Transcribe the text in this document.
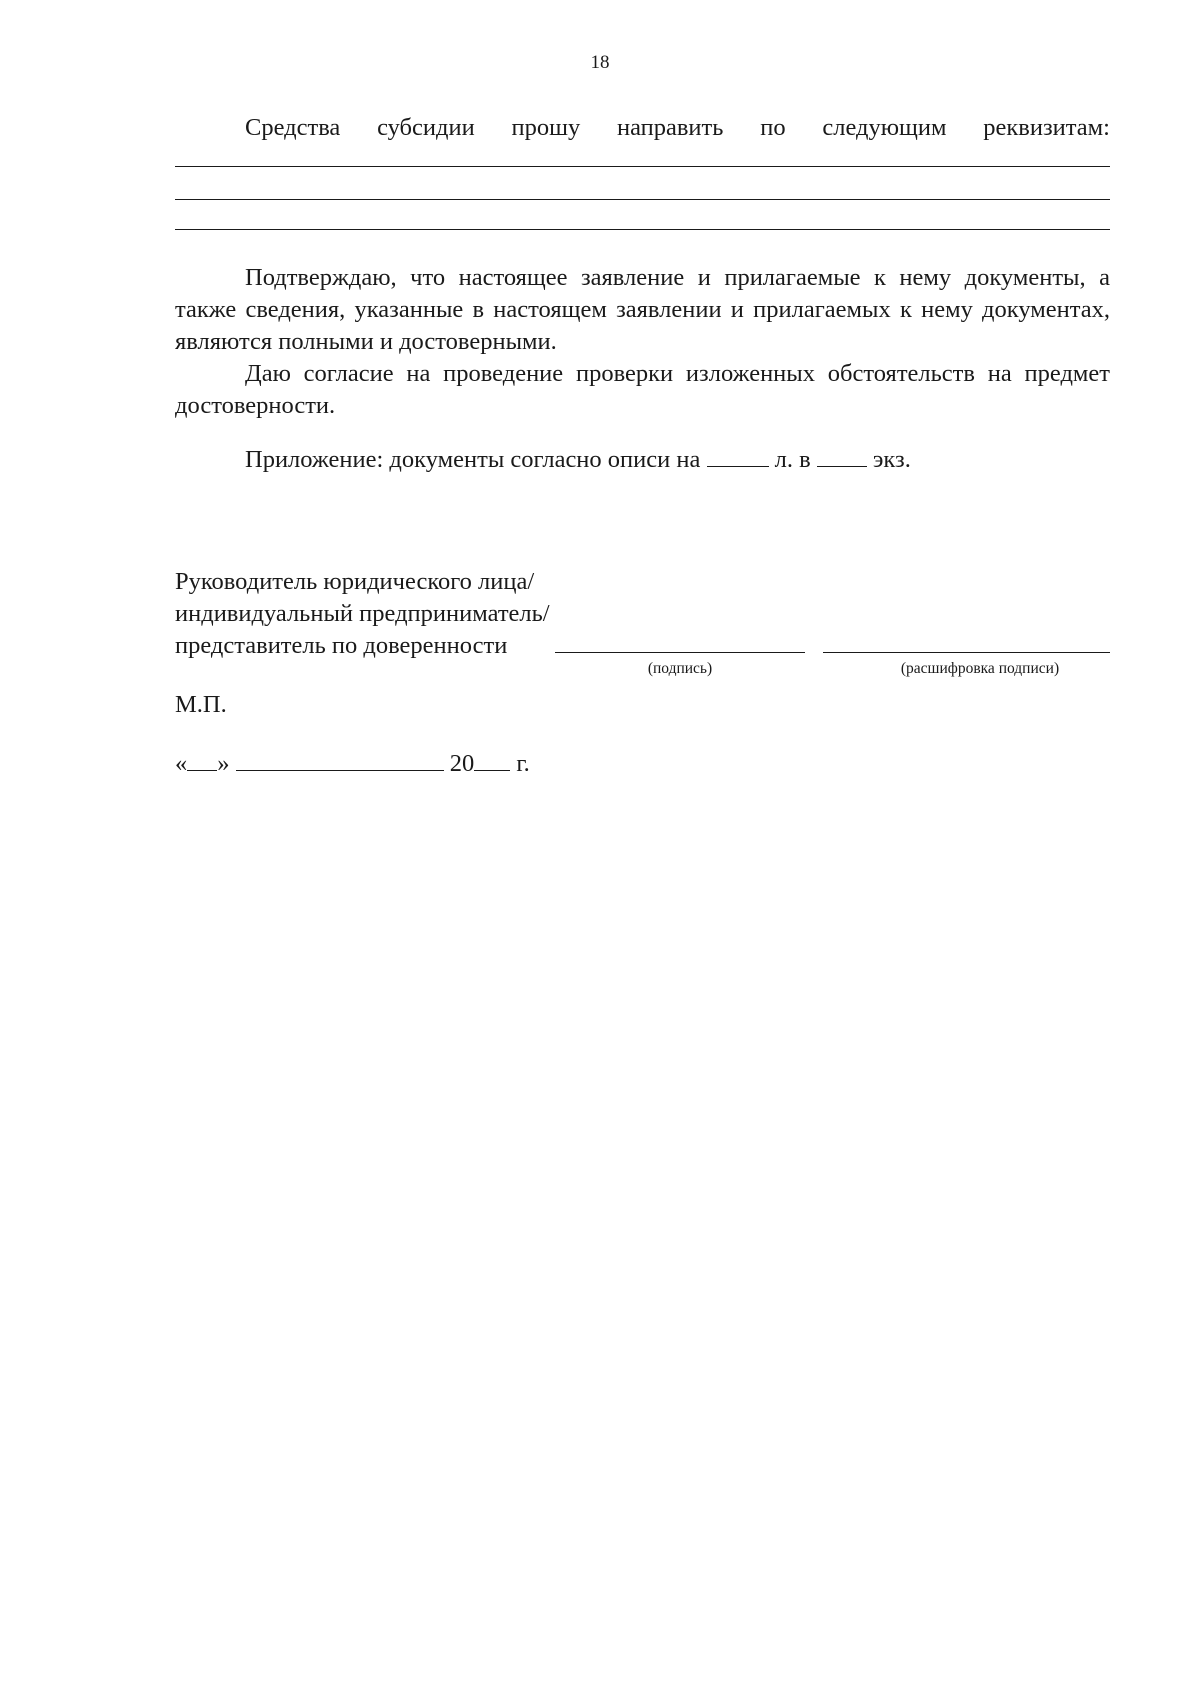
18
Средства субсидии прошу направить по следующим реквизитам:

Подтверждаю, что настоящее заявление и прилагаемые к нему документы, а также сведения, указанные в настоящем заявлении и прилагаемых к нему документах, являются полными и достоверными.

Даю согласие на проведение проверки изложенных обстоятельств на предмет достоверности.

Приложение: документы согласно описи на	л. в	экз.
Руководитель юридического лица/
индивидуальный предприниматель/
представитель по доверенности
(подпись)	(расшифровка подписи)
М.П.
« »	20 г.
